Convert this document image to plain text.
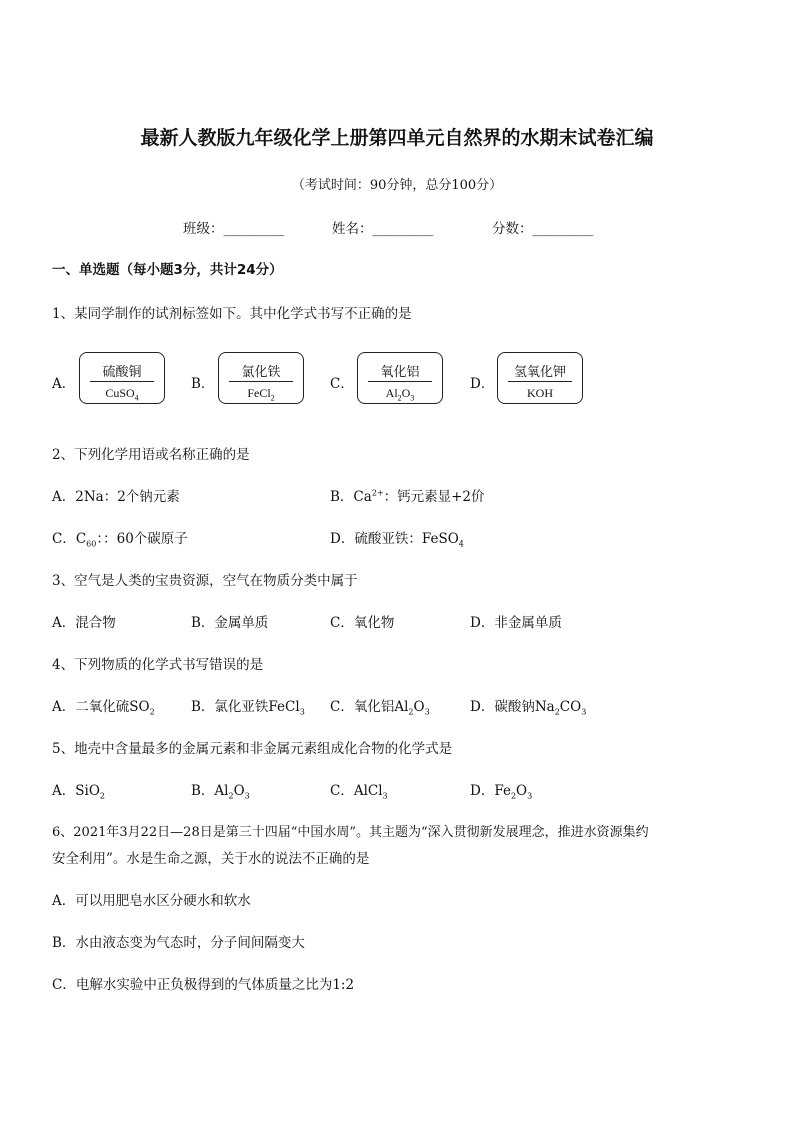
最新人教版九年级化学上册第四单元自然界的水期末试卷汇编
（考试时间：90分钟，总分100分）
班级：_________	姓名：_________	分数：_________
一、单选题（每小题3分，共计24分）
1、某同学制作的试剂标签如下。其中化学式书写不正确的是
A．
硫酸铜
CuSO$_4$
B．
氯化铁
FeCl$_2$
C．
氧化铝
$Al_2O_3$
D．
氢氧化钾
KOH
2、下列化学用语或名称正确的是
A．2Na：2个钠元素	B．$Ca^{2+}$：钙元素显+2价
C．$C_{60}$：：60个碳原子	D．硫酸亚铁：FeSO$_4$
3、空气是人类的宝贵资源，空气在物质分类中属于
A．混合物	B．金属单质	C．氧化物	D．非金属单质
4、下列物质的化学式书写错误的是
A．二氧化硫$SO_2$	B．氯化亚铁FeCl$_3$ C．氧化铝$Al_2O_3$	D．碳酸钠$Na_2CO_3$
5、地壳中含量最多的金属元素和非金属元素组成化合物的化学式是
A．SiO$_2$	B．$Al_2O_3$	C．AlCl$_3$	D．$Fe_2O_3$
6、2021年3月22日—28日是第三十四届“中国水周”。其主题为“深入贯彻新发展理念，推进水资源集约
安全利用”。水是生命之源，关于水的说法不正确的是
A．可以用肥皂水区分硬水和软水
B．水由液态变为气态时，分子间间隔变大
C．电解水实验中正负极得到的气体质量之比为1:2
